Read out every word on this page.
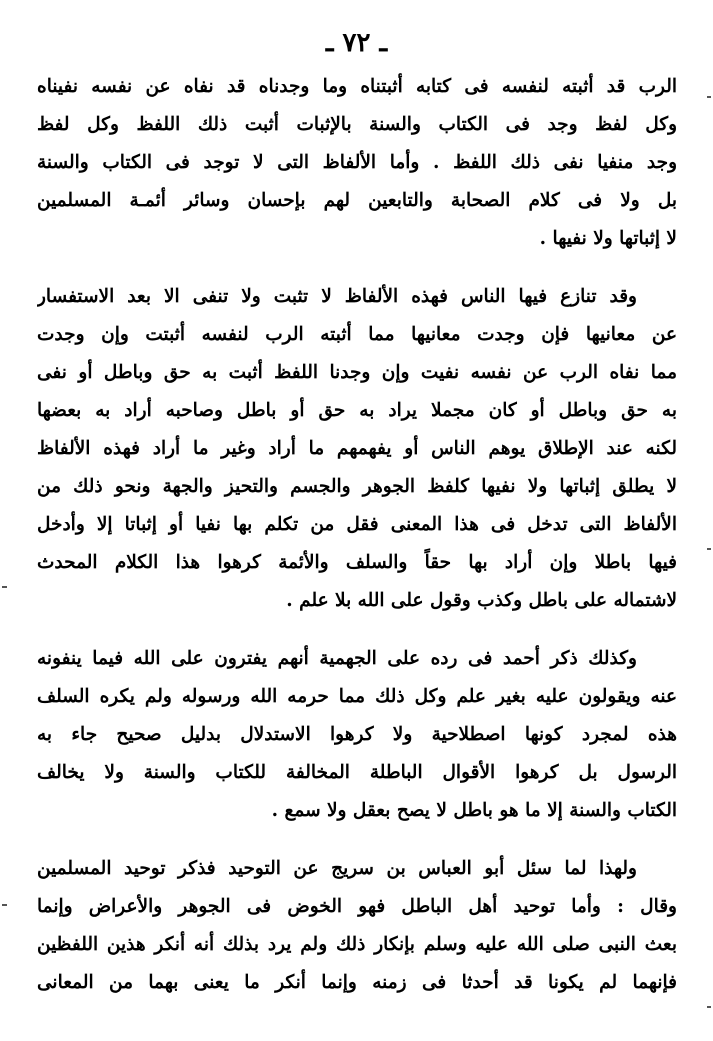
ـ ٧٢ ـ
الرب قد أثبته لنفسه فى كتابه أثبتناه وما وجدناه قد نفاه عن نفسه نفيناه
وكل لفظ وجد فى الكتاب والسنة بالإثبات أثبت ذلك اللفظ وكل لفظ
وجد منفيا نفى ذلك اللفظ . وأما الألفاظ التى لا توجد فى الكتاب والسنة
بل ولا فى كلام الصحابة والتابعين لهم بإحسان وسائر أئمـة المسلمين
لا إثباتها ولا نفيها .
وقد تنازع فيها الناس فهذه الألفاظ لا تثبت ولا تنفى الا بعد الاستفسار
عن معانيها فإن وجدت معانيها مما أثبته الرب لنفسه أثبتت وإن وجدت
مما نفاه الرب عن نفسه نفيت وإن وجدنا اللفظ أثبت به حق وباطل أو نفى
به حق وباطل أو كان مجملا يراد به حق أو باطل وصاحبه أراد به بعضها
لكنه عند الإطلاق يوهم الناس أو يفهمهم ما أراد وغير ما أراد فهذه الألفاظ
لا يطلق إثباتها ولا نفيها كلفظ الجوهر والجسم والتحيز والجهة ونحو ذلك من
الألفاظ التى تدخل فى هذا المعنى فقل من تكلم بها نفيا أو إثباتا إلا وأدخل
فيها باطلا وإن أراد بها حقاً والسلف والأئمة كرهوا هذا الكلام المحدث
لاشتماله على باطل وكذب وقول على الله بلا علم .
وكذلك ذكر أحمد فى رده على الجهمية أنهم يفترون على الله فيما ينفونه
عنه ويقولون عليه بغير علم وكل ذلك مما حرمه الله ورسوله ولم يكره السلف
هذه لمجرد كونها اصطلاحية ولا كرهوا الاستدلال بدليل صحيح جاء به
الرسول بل كرهوا الأقوال الباطلة المخالفة للكتاب والسنة ولا يخالف
الكتاب والسنة إلا ما هو باطل لا يصح بعقل ولا سمع .
ولهذا لما سئل أبو العباس بن سريج عن التوحيد فذكر توحيد المسلمين
وقال : وأما توحيد أهل الباطل فهو الخوض فى الجوهر والأعراض وإنما
بعث النبى صلى الله عليه وسلم بإنكار ذلك ولم يرد بذلك أنه أنكر هذين اللفظين
فإنهما لم يكونا قد أحدثا فى زمنه وإنما أنكر ما يعنى بهما من المعانى
